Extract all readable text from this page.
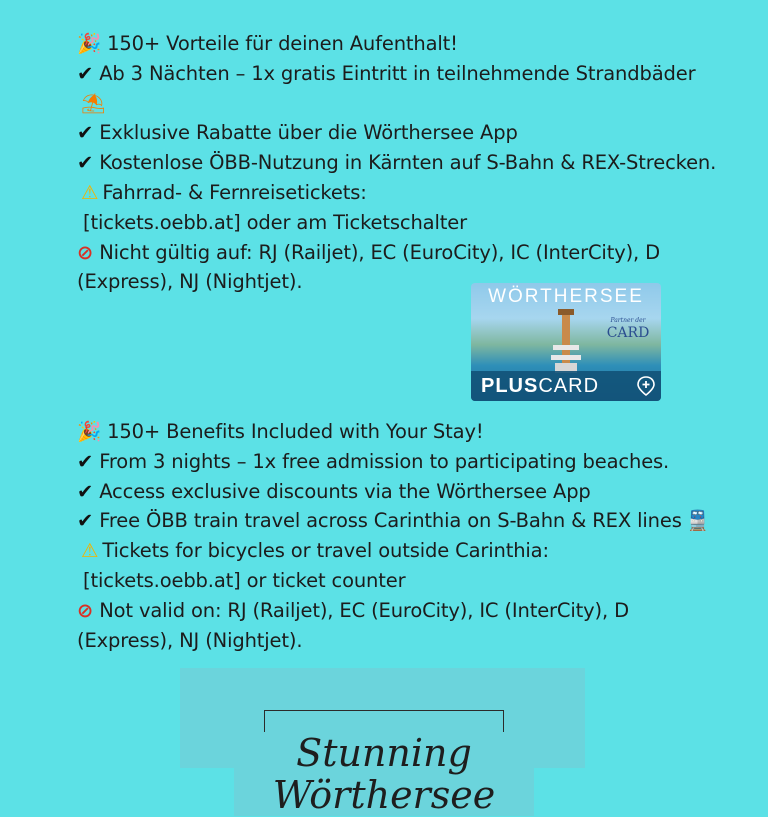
🎉 150+ Vorteile für deinen Aufenthalt!

✔ Ab 3 Nächten – 1x gratis Eintritt in teilnehmende Strandbäder⛱

✔ Exklusive Rabatte über die Wörthersee App

✔ Kostenlose ÖBB-Nutzung in Kärnten auf S-Bahn & REX-Strecken. ⚠ Fahrrad- & Fernreisetickets:
[tickets.oebb.at] oder am Ticketschalter

⊘ Nicht gültig auf: RJ (Railjet), EC (EuroCity), IC (InterCity), D (Express), NJ (Nightjet).

WÖRTHERSEE
Partner der
CARD
PLUSCARD

🎉 150+ Benefits Included with Your Stay!

✔ From 3 nights – 1x free admission to participating beaches.

✔ Access exclusive discounts via the Wörthersee App

✔ Free ÖBB train travel across Carinthia on S-Bahn & REX lines 🚆⚠ Tickets for bicycles or travel outside Carinthia:
[tickets.oebb.at] or ticket counter

⊘ Not valid on: RJ (Railjet), EC (EuroCity), IC (InterCity), D (Express), NJ (Nightjet).

Stunning Wörthersee
